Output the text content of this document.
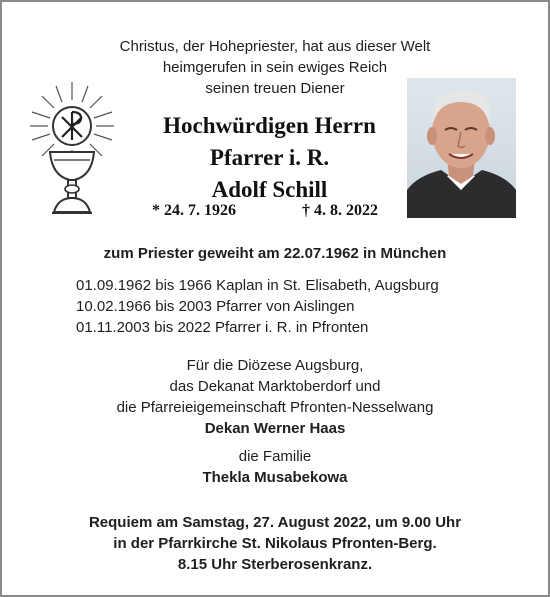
Christus, der Hohepriester, hat aus dieser Welt
heimgerufen in sein ewiges Reich
seinen treuen Diener
Hochwürdigen Herrn
Pfarrer i. R.
Adolf Schill
* 24. 7. 1926	† 4. 8. 2022
zum Priester geweiht am 22.07.1962 in München
01.09.1962 bis 1966 Kaplan in St. Elisabeth, Augsburg
10.02.1966 bis 2003 Pfarrer von Aislingen
01.11.2003 bis 2022 Pfarrer i. R. in Pfronten
Für die Diözese Augsburg,
das Dekanat Marktoberdorf und
die Pfarreieigemeinschaft Pfronten-Nesselwang
Dekan Werner Haas
die Familie
Thekla Musabekowa
Requiem am Samstag, 27. August 2022, um 9.00 Uhr
in der Pfarrkirche St. Nikolaus Pfronten-Berg.
8.15 Uhr Sterberosenkranz.
